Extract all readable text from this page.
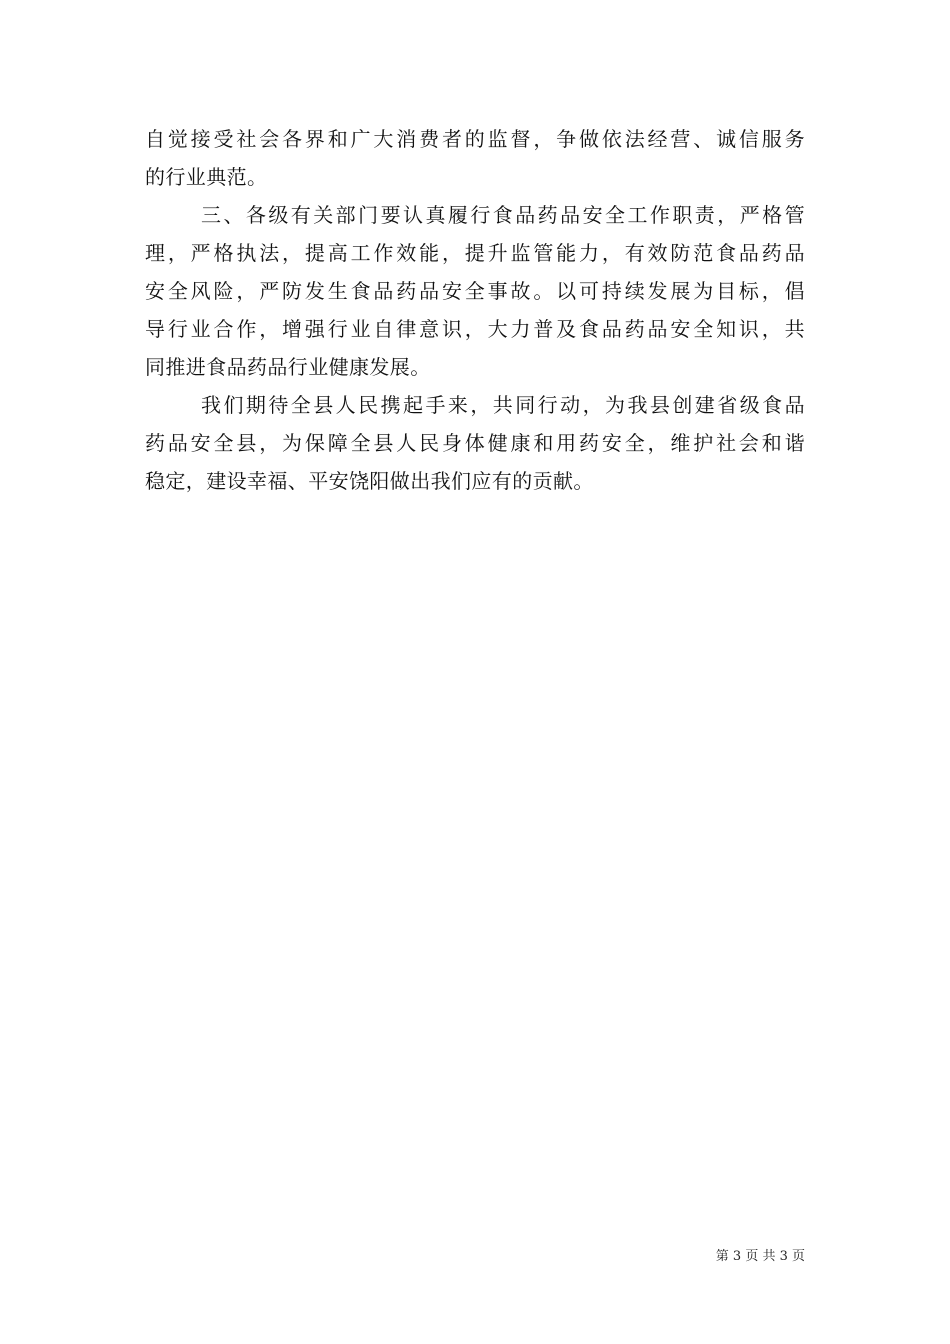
自觉接受社会各界和广大消费者的监督，争做依法经营、诚信服务
的行业典范。
三、各级有关部门要认真履行食品药品安全工作职责，严格管
理，严格执法，提高工作效能，提升监管能力，有效防范食品药品
安全风险，严防发生食品药品安全事故。以可持续发展为目标，倡
导行业合作，增强行业自律意识，大力普及食品药品安全知识，共
同推进食品药品行业健康发展。
我们期待全县人民携起手来，共同行动，为我县创建省级食品
药品安全县，为保障全县人民身体健康和用药安全，维护社会和谐
稳定，建设幸福、平安饶阳做出我们应有的贡献。
第 3 页 共 3 页
